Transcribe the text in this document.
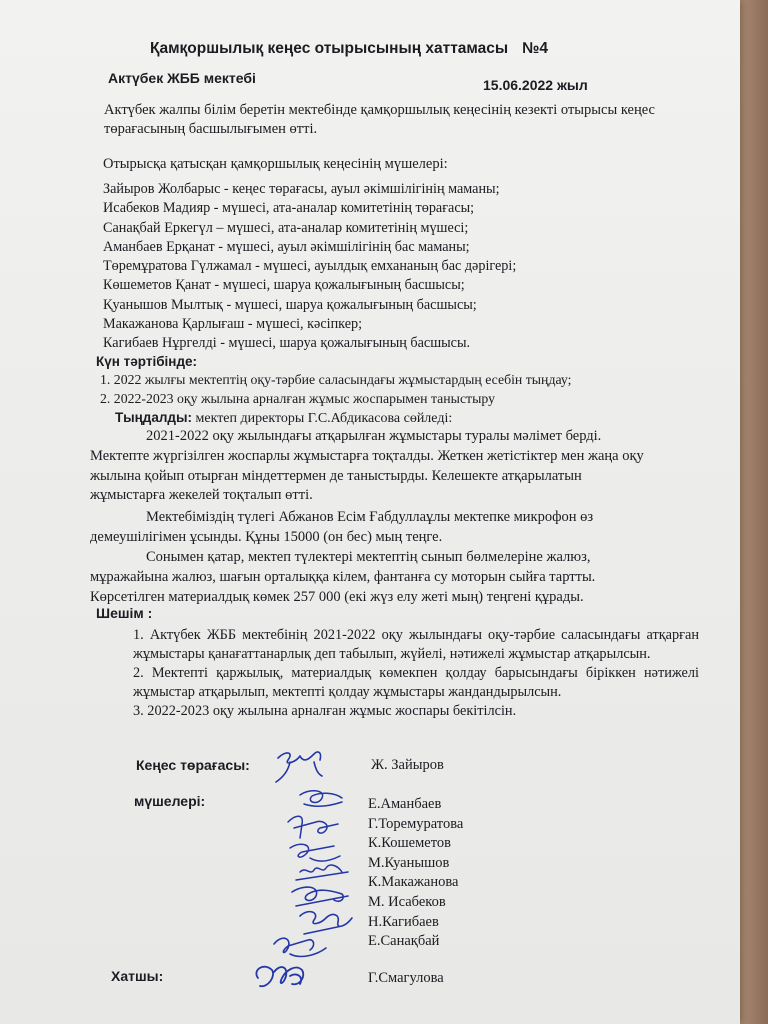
Қамқоршылық кеңес отырысының хаттамасы №4
Актүбек ЖББ мектебі	15.06.2022 жыл
Актүбек жалпы білім беретін мектебінде қамқоршылық кеңесінің кезекті отырысы кеңес төрағасының басшылығымен өтті.
Отырысқа қатысқан қамқоршылық кеңесінің мүшелері:
Зайыров Жолбарыс - кеңес төрағасы, ауыл әкімшілігінің маманы;
Исабеков Мадияр - мүшесі, ата-аналар комитетінің төрағасы;
Санақбай Еркегүл – мүшесі, ата-аналар комитетінің мүшесі;
Аманбаев Ерқанат - мүшесі, ауыл әкімшілігінің бас маманы;
Төремұратова Гүлжамал - мүшесі, ауылдық емхананың бас дәрігері;
Көшеметов Қанат - мүшесі, шаруа қожалығының басшысы;
Қуанышов Мылтық - мүшесі, шаруа қожалығының басшысы;
Макажанова Қарлығаш - мүшесі, кәсіпкер;
Кагибаев Нұргелді - мүшесі, шаруа қожалығының басшысы.
Күн тәртібінде:
1. 2022 жылғы мектептің оқу-тәрбие саласындағы жұмыстардың есебін тыңдау;
2. 2022-2023 оқу жылына арналған жұмыс жоспарымен таныстыру
Тыңдалды: мектеп директоры Г.С.Абдикасова сөйледі:
2021-2022 оқу жылындағы атқарылған жұмыстары туралы мәлімет берді.
Мектепте жүргізілген жоспарлы жұмыстарға тоқталды. Жеткен жетістіктер мен жаңа оқу
жылына қойып отырған міндеттермен де таныстырды. Келешекте атқарылатын
жұмыстарға жекелей тоқталып өтті.
Мектебіміздің түлегі Абжанов Есім Ғабдуллаұлы мектепке микрофон өз
демеушілігімен ұсынды. Құны 15000 (он бес) мың теңге.
Сонымен қатар, мектеп түлектері мектептің сынып бөлмелеріне жалюз,
мұражайына жалюз, шағын орталыққа кілем, фантанға су моторын сыйға тартты.
Көрсетілген материалдық көмек 257 000 (екі жүз елу жеті мың) теңгені құрады.
Шешім :
1. Актүбек ЖББ мектебінің 2021-2022 оқу жылындағы оқу-тәрбие саласындағы атқарған жұмыстары қанағаттанарлық деп табылып, жүйелі, нәтижелі жұмыстар атқарылсын.
2. Мектепті қаржылық, материалдық көмекпен қолдау барысындағы біріккен нәтижелі жұмыстар атқарылып, мектепті қолдау жұмыстары жандандырылсын.
3. 2022-2023 оқу жылына арналған жұмыс жоспары бекітілсін.
Кеңес төрағасы:	Ж. Зайыров
мүшелері:	Е.Аманбаев
Г.Торемуратова
К.Кошеметов
М.Куанышов
К.Макажанова
М. Исабеков
Н.Кагибаев
Е.Санақбай
Хатшы:	Г.Смагулова
